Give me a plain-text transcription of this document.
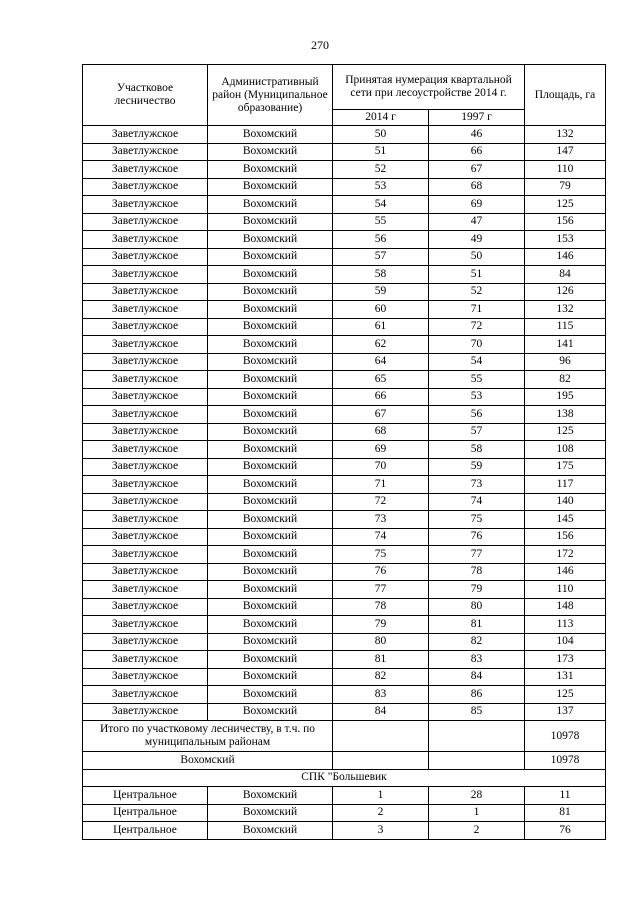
270
Участковое лесничество	Административный район (Муниципальное образование)	Принятая нумерация квартальной сети при лесоустройстве 2014 г.		Площадь, га
		2014 г	1997 г	
Заветлужское	Вохомский	50	46	132
Заветлужское	Вохомский	51	66	147
Заветлужское	Вохомский	52	67	110
Заветлужское	Вохомский	53	68	79
Заветлужское	Вохомский	54	69	125
Заветлужское	Вохомский	55	47	156
Заветлужское	Вохомский	56	49	153
Заветлужское	Вохомский	57	50	146
Заветлужское	Вохомский	58	51	84
Заветлужское	Вохомский	59	52	126
Заветлужское	Вохомский	60	71	132
Заветлужское	Вохомский	61	72	115
Заветлужское	Вохомский	62	70	141
Заветлужское	Вохомский	64	54	96
Заветлужское	Вохомский	65	55	82
Заветлужское	Вохомский	66	53	195
Заветлужское	Вохомский	67	56	138
Заветлужское	Вохомский	68	57	125
Заветлужское	Вохомский	69	58	108
Заветлужское	Вохомский	70	59	175
Заветлужское	Вохомский	71	73	117
Заветлужское	Вохомский	72	74	140
Заветлужское	Вохомский	73	75	145
Заветлужское	Вохомский	74	76	156
Заветлужское	Вохомский	75	77	172
Заветлужское	Вохомский	76	78	146
Заветлужское	Вохомский	77	79	110
Заветлужское	Вохомский	78	80	148
Заветлужское	Вохомский	79	81	113
Заветлужское	Вохомский	80	82	104
Заветлужское	Вохомский	81	83	173
Заветлужское	Вохомский	82	84	131
Заветлужское	Вохомский	83	86	125
Заветлужское	Вохомский	84	85	137
Итого по участковому лесничеству, в т.ч. по муниципальным районам				10978
Вохомский				10978
СПК "Большевик				
Центральное	Вохомский	1	28	11
Центральное	Вохомский	2	1	81
Центральное	Вохомский	3	2	76
